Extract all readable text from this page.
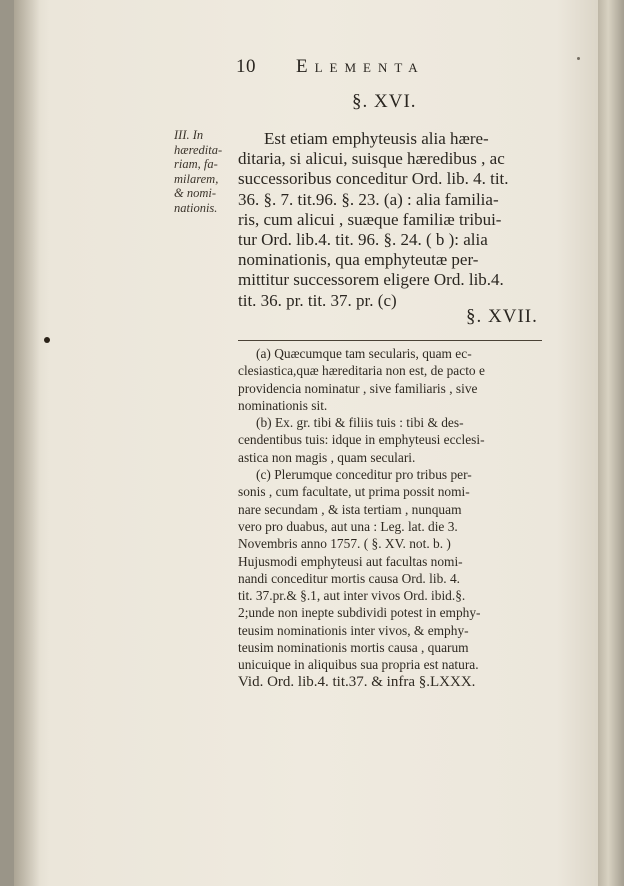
10 Elementa
§. XVI.
III. In
hæredita-
riam, fa-
milarem,
& nomi-
nationis.

Est etiam emphyteusis alia hære-

ditaria, si alicui, suisque hæredibus , ac

successoribus conceditur Ord. lib. 4. tit.

36. §. 7. tit.96. §. 23. (a) : alia familia-

ris, cum alicui , suæque familiæ tribui-

tur Ord. lib.4. tit. 96. §. 24. ( b ): alia

nominationis, qua emphyteutæ per-

mittitur successorem eligere Ord. lib.4.

tit. 36. pr. tit. 37. pr. (c)

§. XVII.

(a) Quæcumque tam secularis, quam ec-

clesiastica,quæ hæreditaria non est, de pacto e

providencia nominatur , sive familiaris , sive

nominationis sit.

(b) Ex. gr. tibi & filiis tuis : tibi & des-

cendentibus tuis: idque in emphyteusi ecclesi-

astica non magis , quam seculari.

(c) Plerumque conceditur pro tribus per-

sonis , cum facultate, ut prima possit nomi-

nare secundam , & ista tertiam , nunquam

vero pro duabus, aut una : Leg. lat. die 3.

Novembris anno 1757. ( §. XV. not. b. )

Hujusmodi emphyteusi aut facultas nomi-

nandi conceditur mortis causa Ord. lib. 4.

tit. 37.pr.& §.1, aut inter vivos Ord. ibid.§.

2;unde non inepte subdividi potest in emphy-

teusim nominationis inter vivos, & emphy-

teusim nominationis mortis causa , quarum

unicuique in aliquibus sua propria est natura.

Vid. Ord. lib.4. tit.37. & infra §.LXXX.
